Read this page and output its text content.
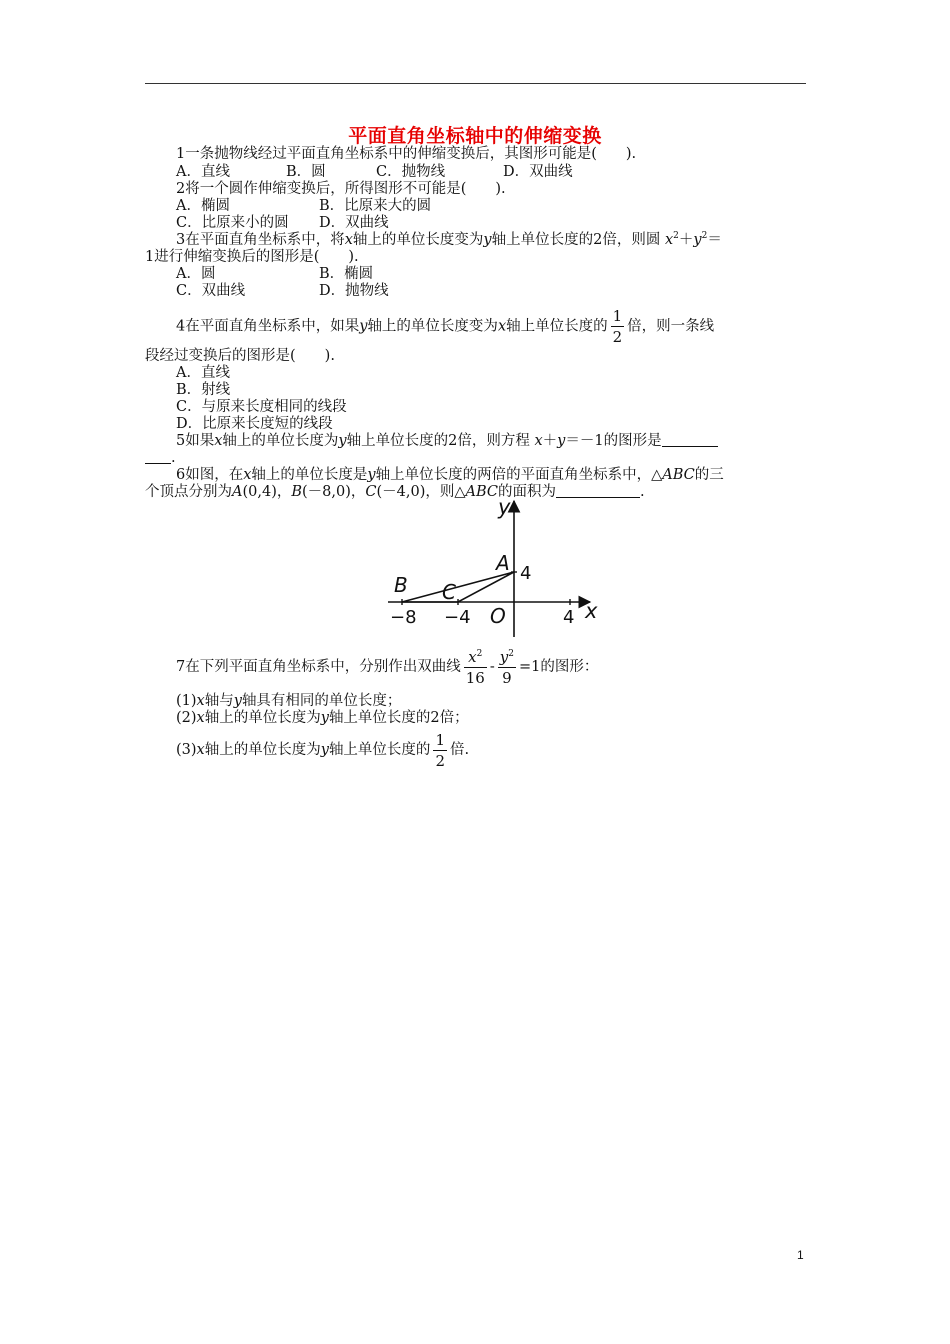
平面直角坐标轴中的伸缩变换
1一条抛物线经过平面直角坐标系中的伸缩变换后，其图形可能是(　　).
A．直线	B．圆	C．抛物线	D．双曲线
2将一个圆作伸缩变换后，所得图形不可能是(　　).
A．椭圆	B．比原来大的圆
C．比原来小的圆 D．双曲线
3在平面直角坐标系中，将x轴上的单位长度变为y轴上单位长度的2倍，则圆 $x^2+y^2=$
1进行伸缩变换后的图形是(　　).
A．圆	B．椭圆
C．双曲线	D．抛物线
4在平面直角坐标系中，如果y轴上的单位长度变为x轴上单位长度的 $\frac{1}{2}$ 倍，则一条线
段经过变换后的图形是(　　).
A．直线
B．射线
C．与原来长度相同的线段
D．比原来长度短的线段
5如果x轴上的单位长度为y轴上单位长度的2倍，则方程 x＋y＝－1的图形是
.
6如图，在x轴上的单位长度是y轴上单位长度的两倍的平面直角坐标系中，△ABC的三
个顶点分别为A(0,4)，B(－8,0)，C(－4,0)，则△ABC的面积为	.
y
x
O
A
B C
−8 −4	4
4
7在下列平面直角坐标系中，分别作出双曲线 $\frac{x^2}{16} - \frac{y^2}{9} =1$的图形：
(1)x轴与y轴具有相同的单位长度；
(2)x轴上的单位长度为y轴上单位长度的2倍；
(3)x轴上的单位长度为y轴上单位长度的 $\frac{1}{2}$ 倍.
1
